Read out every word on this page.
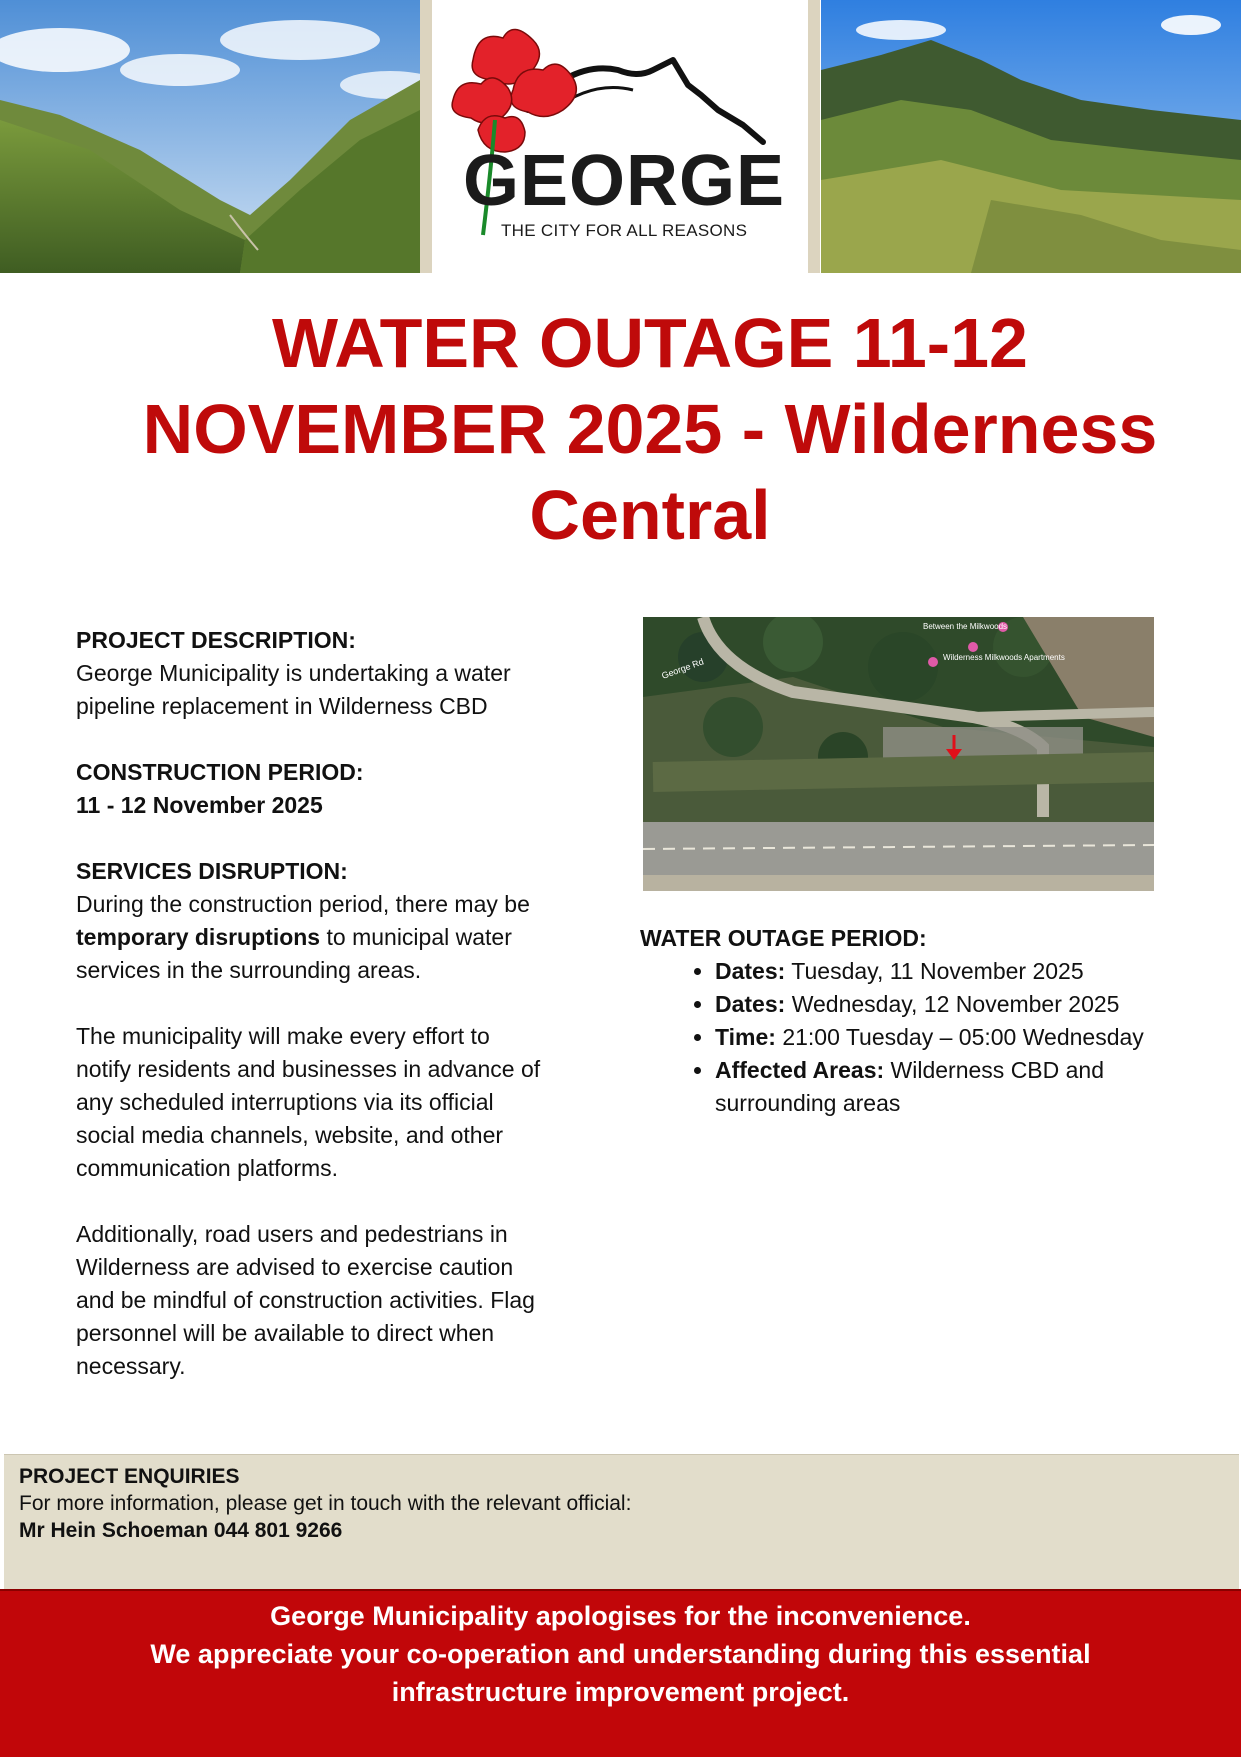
GEORGE
THE CITY FOR ALL REASONS
WATER OUTAGE 11-12
NOVEMBER 2025 - Wilderness
Central

PROJECT DESCRIPTION:

George Municipality is undertaking a water pipeline replacement in Wilderness CBD

CONSTRUCTION PERIOD:

11 - 12 November 2025

SERVICES DISRUPTION:

During the construction period, there may be temporary disruptions to municipal water services in the surrounding areas.

The municipality will make every effort to notify residents and businesses in advance of any scheduled interruptions via its official social media channels, website, and other communication platforms.

Additionally, road users and pedestrians in Wilderness are advised to exercise caution and be mindful of construction activities. Flag personnel will be available to direct when necessary.

George Rd
Between the Milkwoods
Wilderness Milkwoods Apartments

WATER OUTAGE PERIOD:

• Dates: Tuesday, 11 November 2025
• Dates: Wednesday, 12 November 2025
• Time: 21:00 Tuesday – 05:00 Wednesday
• Affected Areas: Wilderness CBD and surrounding areas

PROJECT ENQUIRIES

For more information, please get in touch with the relevant official:

Mr Hein Schoeman 044 801 9266

George Municipality apologises for the inconvenience.

We appreciate your co-operation and understanding during this essential

infrastructure improvement project.
